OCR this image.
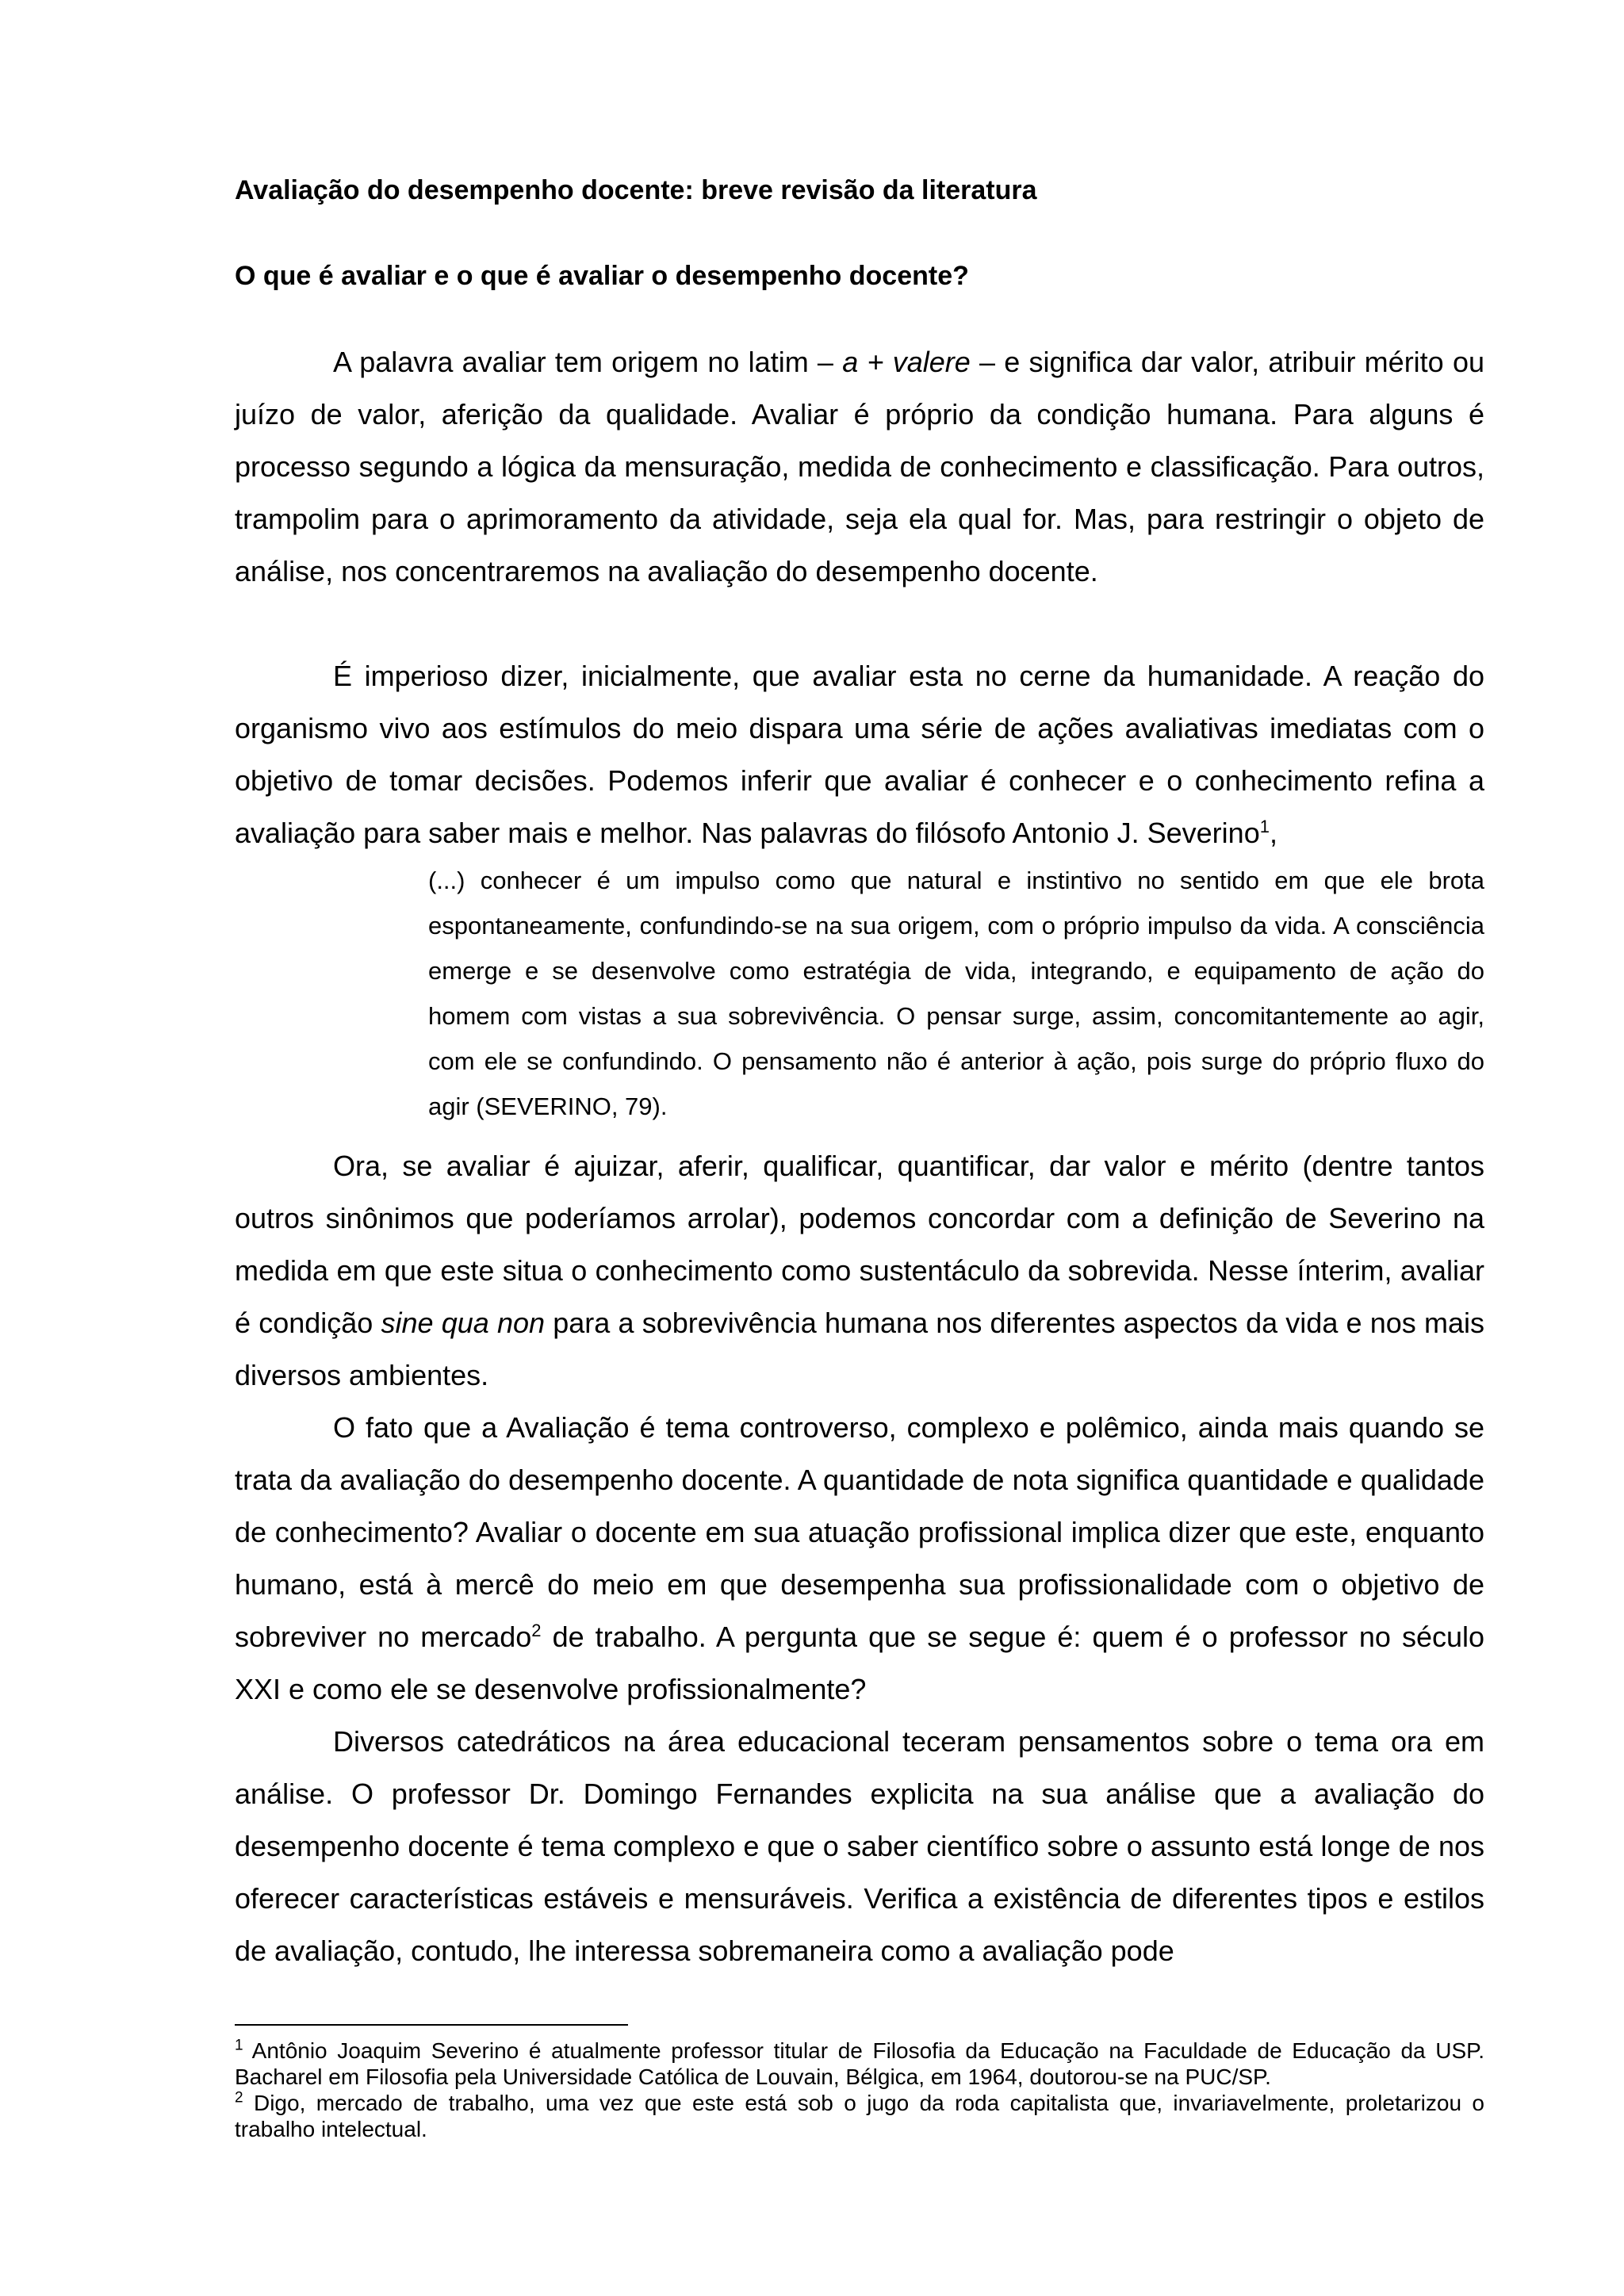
Avaliação do desempenho docente: breve revisão da literatura
O que é avaliar e o que é avaliar o desempenho docente?

A palavra avaliar tem origem no latim – a + valere – e significa dar valor, atribuir mérito ou juízo de valor, aferição da qualidade. Avaliar é próprio da condição humana. Para alguns é processo segundo a lógica da mensuração, medida de conhecimento e classificação. Para outros, trampolim para o aprimoramento da atividade, seja ela qual for. Mas, para restringir o objeto de análise, nos concentraremos na avaliação do desempenho docente.

É imperioso dizer, inicialmente, que avaliar esta no cerne da humanidade. A reação do organismo vivo aos estímulos do meio dispara uma série de ações avaliativas imediatas com o objetivo de tomar decisões. Podemos inferir que avaliar é conhecer e o conhecimento refina a avaliação para saber mais e melhor. Nas palavras do filósofo Antonio J. Severino$^1$,

(...) conhecer é um impulso como que natural e instintivo no sentido em que ele brota espontaneamente, confundindo-se na sua origem, com o próprio impulso da vida. A consciência emerge e se desenvolve como estratégia de vida, integrando, e equipamento de ação do homem com vistas a sua sobrevivência. O pensar surge, assim, concomitantemente ao agir, com ele se confundindo. O pensamento não é anterior à ação, pois surge do próprio fluxo do agir (SEVERINO, 79).

Ora, se avaliar é ajuizar, aferir, qualificar, quantificar, dar valor e mérito (dentre tantos outros sinônimos que poderíamos arrolar), podemos concordar com a definição de Severino na medida em que este situa o conhecimento como sustentáculo da sobrevida. Nesse ínterim, avaliar é condição sine qua non para a sobrevivência humana nos diferentes aspectos da vida e nos mais diversos ambientes.

O fato que a Avaliação é tema controverso, complexo e polêmico, ainda mais quando se trata da avaliação do desempenho docente. A quantidade de nota significa quantidade e qualidade de conhecimento? Avaliar o docente em sua atuação profissional implica dizer que este, enquanto humano, está à mercê do meio em que desempenha sua profissionalidade com o objetivo de sobreviver no mercado$^2$ de trabalho. A pergunta que se segue é: quem é o professor no século XXI e como ele se desenvolve profissionalmente?

Diversos catedráticos na área educacional teceram pensamentos sobre o tema ora em análise. O professor Dr. Domingo Fernandes explicita na sua análise que a avaliação do desempenho docente é tema complexo e que o saber científico sobre o assunto está longe de nos oferecer características estáveis e mensuráveis. Verifica a existência de diferentes tipos e estilos de avaliação, contudo, lhe interessa sobremaneira como a avaliação pode

$^1$ Antônio Joaquim Severino é atualmente professor titular de Filosofia da Educação na Faculdade de Educação da USP. Bacharel em Filosofia pela Universidade Católica de Louvain, Bélgica, em 1964, doutorou-se na PUC/SP.

$^2$ Digo, mercado de trabalho, uma vez que este está sob o jugo da roda capitalista que, invariavelmente, proletarizou o trabalho intelectual.
